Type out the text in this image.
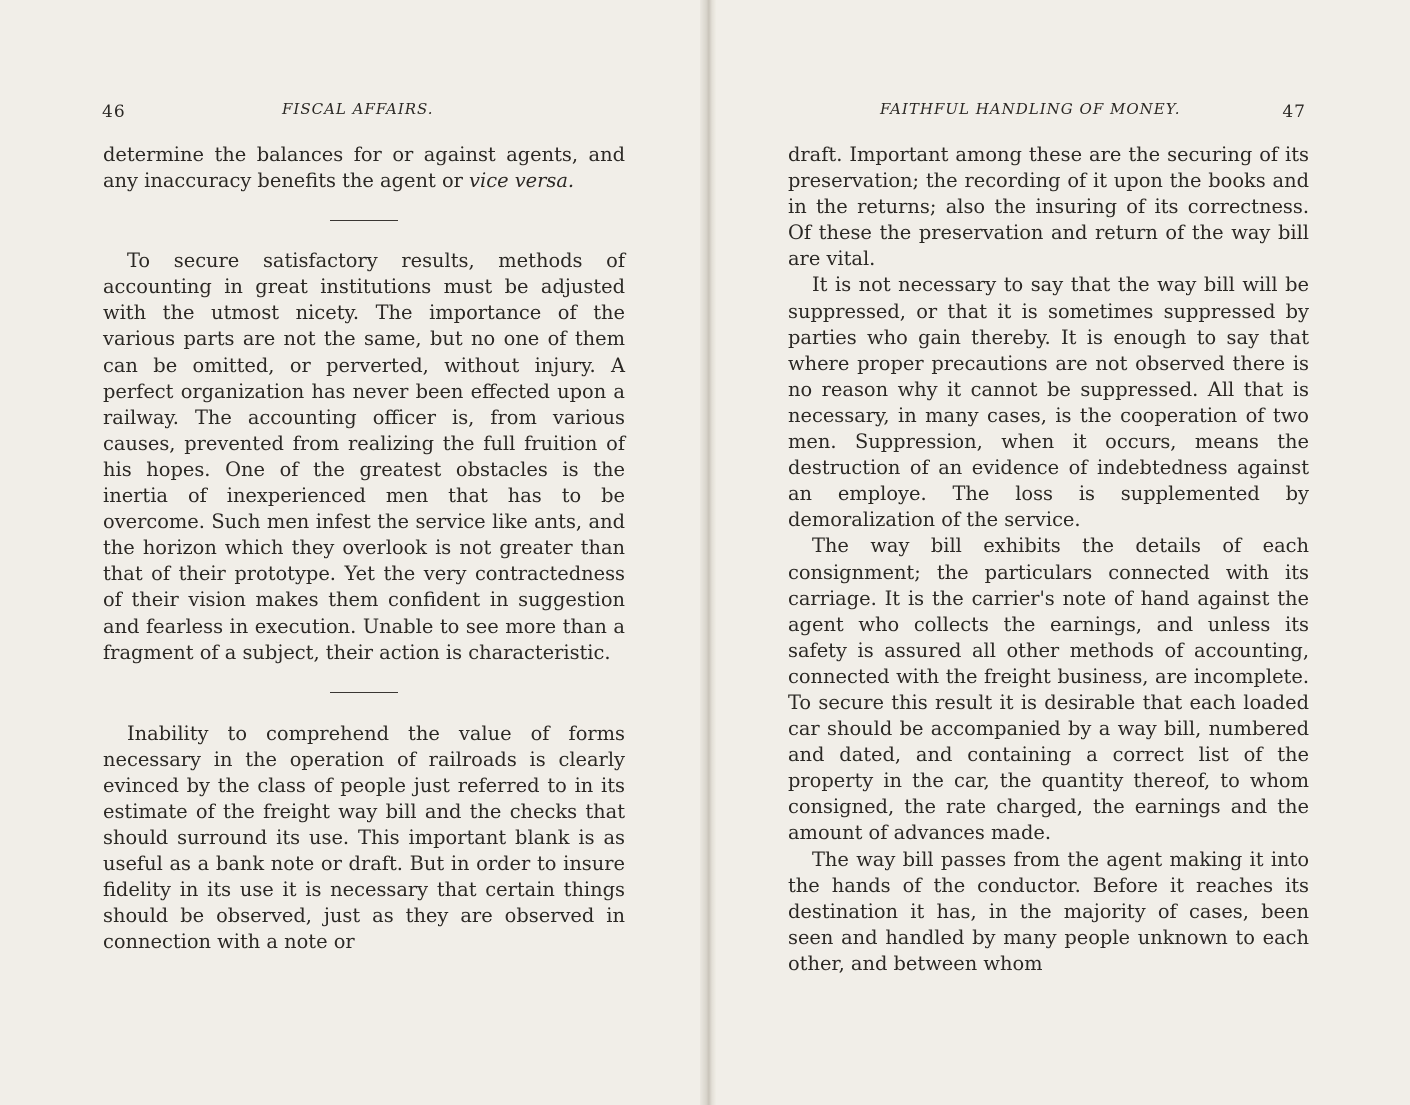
46	FISCAL AFFAIRS.

determine the balances for or against agents, and any inaccuracy benefits the agent or vice versa.

To secure satisfactory results, methods of accounting in great institutions must be adjusted with the utmost nicety. The importance of the various parts are not the same, but no one of them can be omitted, or perverted, without injury. A perfect organization has never been effected upon a railway. The accounting officer is, from various causes, prevented from realizing the full fruition of his hopes. One of the greatest obstacles is the inertia of inexperienced men that has to be overcome. Such men infest the service like ants, and the horizon which they overlook is not greater than that of their prototype. Yet the very contractedness of their vision makes them confident in suggestion and fearless in execution. Unable to see more than a fragment of a subject, their action is characteristic.

Inability to comprehend the value of forms necessary in the operation of railroads is clearly evinced by the class of people just referred to in its estimate of the freight way bill and the checks that should surround its use. This important blank is as useful as a bank note or draft. But in order to insure fidelity in its use it is necessary that certain things should be observed, just as they are observed in connection with a note or

FAITHFUL HANDLING OF MONEY.	47

draft. Important among these are the securing of its preservation; the recording of it upon the books and in the returns; also the insuring of its correctness. Of these the preservation and return of the way bill are vital.

It is not necessary to say that the way bill will be suppressed, or that it is sometimes suppressed by parties who gain thereby. It is enough to say that where proper precautions are not observed there is no reason why it cannot be suppressed. All that is necessary, in many cases, is the cooperation of two men. Suppression, when it occurs, means the destruction of an evidence of indebtedness against an employe. The loss is supplemented by demoralization of the service.

The way bill exhibits the details of each consignment; the particulars connected with its carriage. It is the carrier's note of hand against the agent who collects the earnings, and unless its safety is assured all other methods of accounting, connected with the freight business, are incomplete. To secure this result it is desirable that each loaded car should be accompanied by a way bill, numbered and dated, and containing a correct list of the property in the car, the quantity thereof, to whom consigned, the rate charged, the earnings and the amount of advances made.

The way bill passes from the agent making it into the hands of the conductor. Before it reaches its destination it has, in the majority of cases, been seen and handled by many people unknown to each other, and between whom
